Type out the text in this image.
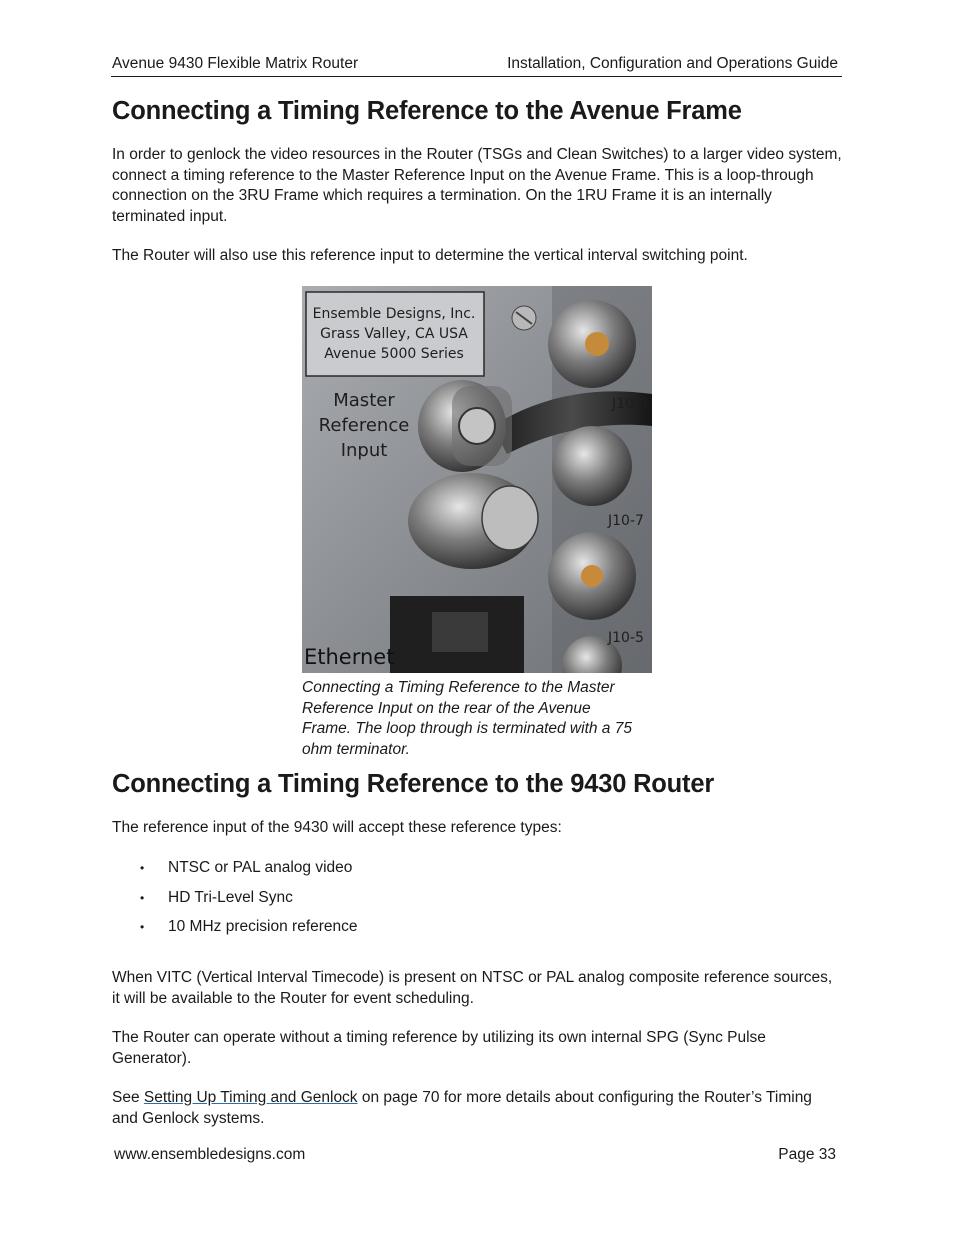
Avenue 9430 Flexible Matrix Router	Installation, Configuration and Operations Guide
Connecting a Timing Reference to the Avenue Frame

In order to genlock the video resources in the Router (TSGs and Clean Switches) to a larger video system, connect a timing reference to the Master Reference Input on the Avenue Frame. This is a loop-through connection on the 3RU Frame which requires a termination. On the 1RU Frame it is an internally terminated input.

The Router will also use this reference input to determine the vertical interval switching point.

Ensemble Designs, Inc.
Grass Valley, CA USA
Avenue 5000 Series
Master
Reference
Input
J10-9
J10-7
J10-5
Ethernet

Connecting a Timing Reference to the Master Reference Input on the rear of the Avenue Frame. The loop through is terminated with a 75 ohm terminator.

Connecting a Timing Reference to the 9430 Router

The reference input of the 9430 will accept these reference types:

• NTSC or PAL analog video
• HD Tri-Level Sync
• 10 MHz precision reference

When VITC (Vertical Interval Timecode) is present on NTSC or PAL analog composite reference sources, it will be available to the Router for event scheduling.

The Router can operate without a timing reference by utilizing its own internal SPG (Sync Pulse Generator).

See Setting Up Timing and Genlock on page 70 for more details about configuring the Router’s Timing and Genlock systems.

www.ensembledesigns.com	Page 33
